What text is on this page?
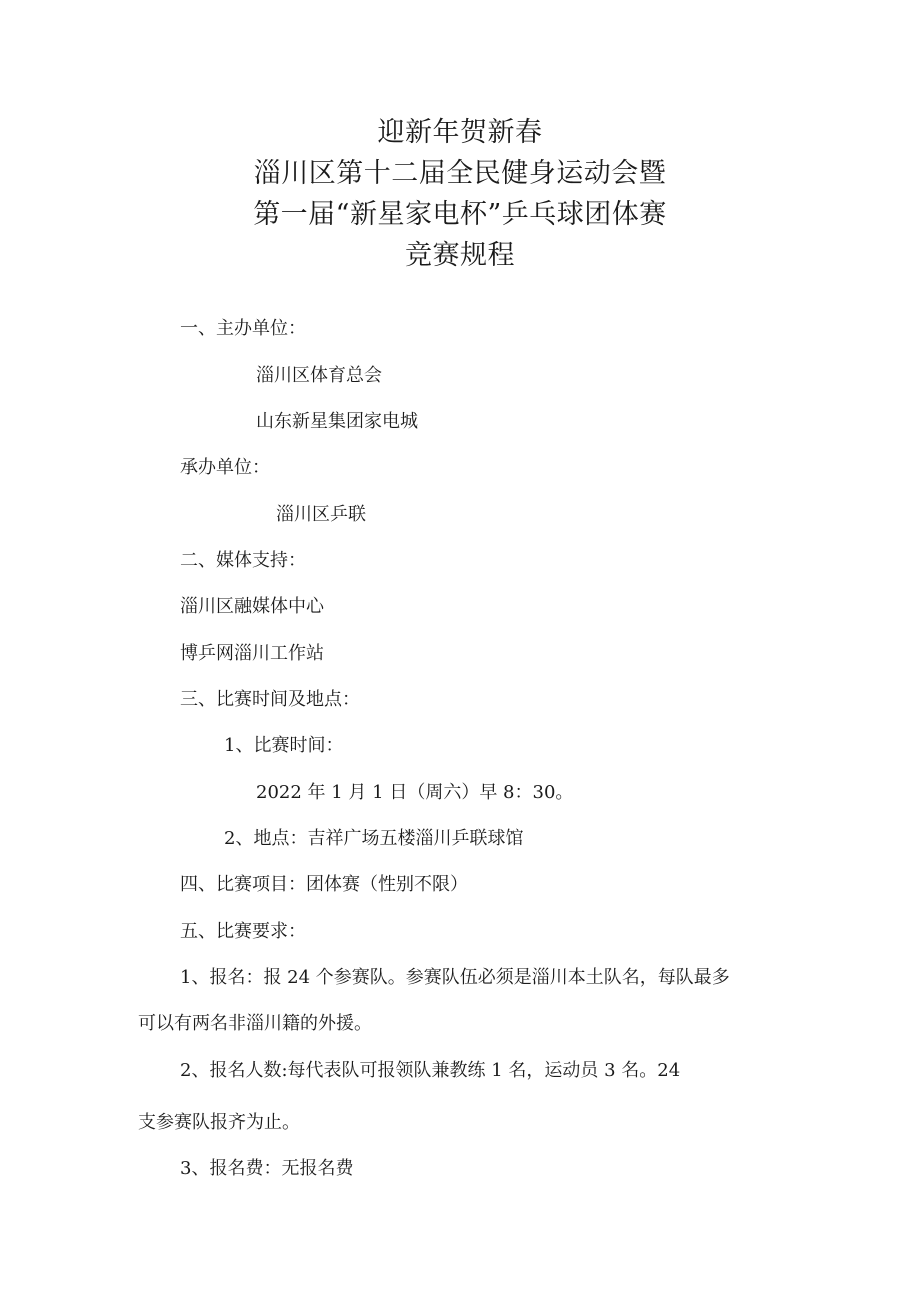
迎新年贺新春
淄川区第十二届全民健身运动会暨
第一届“新星家电杯”乒乓球团体赛
竞赛规程
一、主办单位：
淄川区体育总会
山东新星集团家电城
承办单位：
淄川区乒联
二、媒体支持：
淄川区融媒体中心
博乒网淄川工作站
三、比赛时间及地点：
1、比赛时间：
2022 年 1 月 1 日（周六）早 8：30。
2、地点：吉祥广场五楼淄川乒联球馆
四、比赛项目：团体赛（性别不限）
五、比赛要求：
1、报名：报 24 个参赛队。参赛队伍必须是淄川本土队名，每队最多
可以有两名非淄川籍的外援。
2、报名人数:每代表队可报领队兼教练 1 名，运动员 3 名。24
支参赛队报齐为止。
3、报名费：无报名费
